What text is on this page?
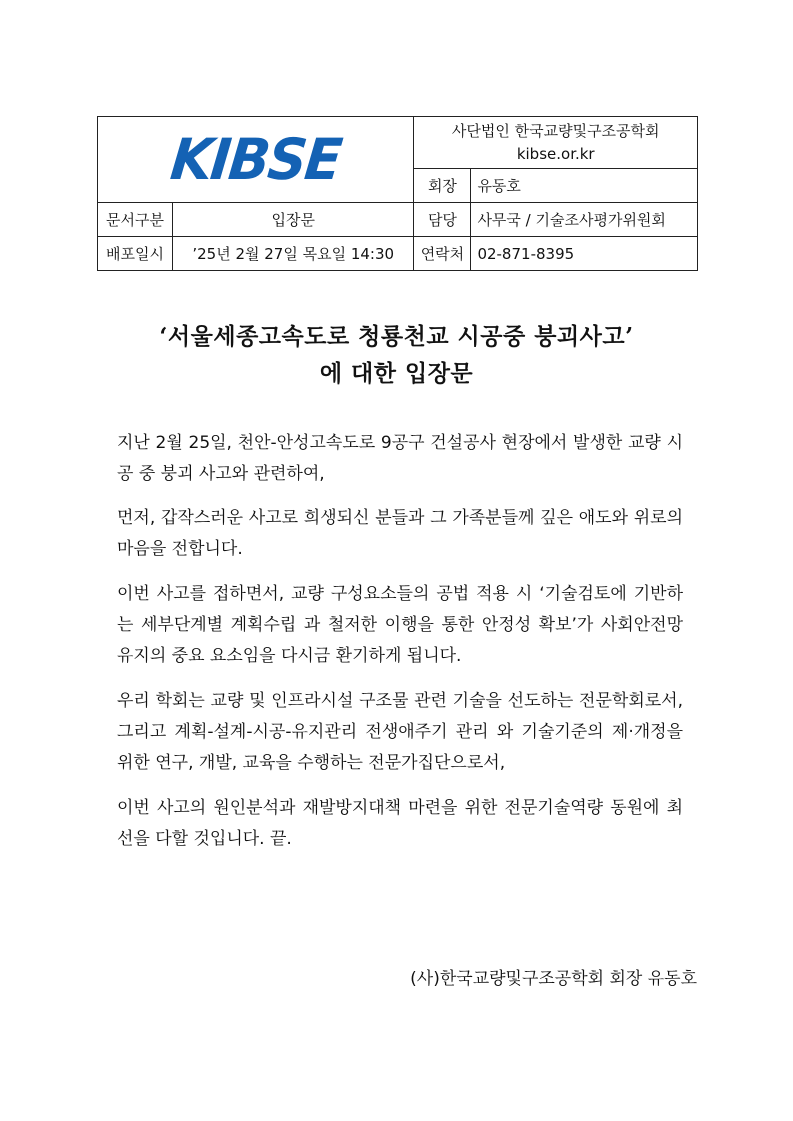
KIBSE		사단법인 한국교량및구조공학회
kibse.or.kr	

		회장	유동호
문서구분	입장문	담당	사무국 / 기술조사평가위원회
배포일시	’25년 2월 27일 목요일 14:30	연락처	02-871-8395
‘서울세종고속도로 청룡천교 시공중 붕괴사고’
에 대한 입장문

지난 2월 25일, 천안-안성고속도로 9공구 건설공사 현장에서 발생한 교량 시공 중 붕괴 사고와 관련하여,

먼저, 갑작스러운 사고로 희생되신 분들과 그 가족분들께 깊은 애도와 위로의 마음을 전합니다.

이번 사고를 접하면서, 교량 구성요소들의 공법 적용 시 ‘기술검토에 기반하는 세부단계별 계획수립 과 철저한 이행을 통한 안정성 확보’가 사회안전망 유지의 중요 요소임을 다시금 환기하게 됩니다.

우리 학회는 교량 및 인프라시설 구조물 관련 기술을 선도하는 전문학회로서, 그리고 계획-설계-시공-유지관리 전생애주기 관리 와 기술기준의 제·개정을 위한 연구, 개발, 교육을 수행하는 전문가집단으로서,

이번 사고의 원인분석과 재발방지대책 마련을 위한 전문기술역량 동원에 최선을 다할 것입니다. 끝.

(사)한국교량및구조공학회 회장 유동호
